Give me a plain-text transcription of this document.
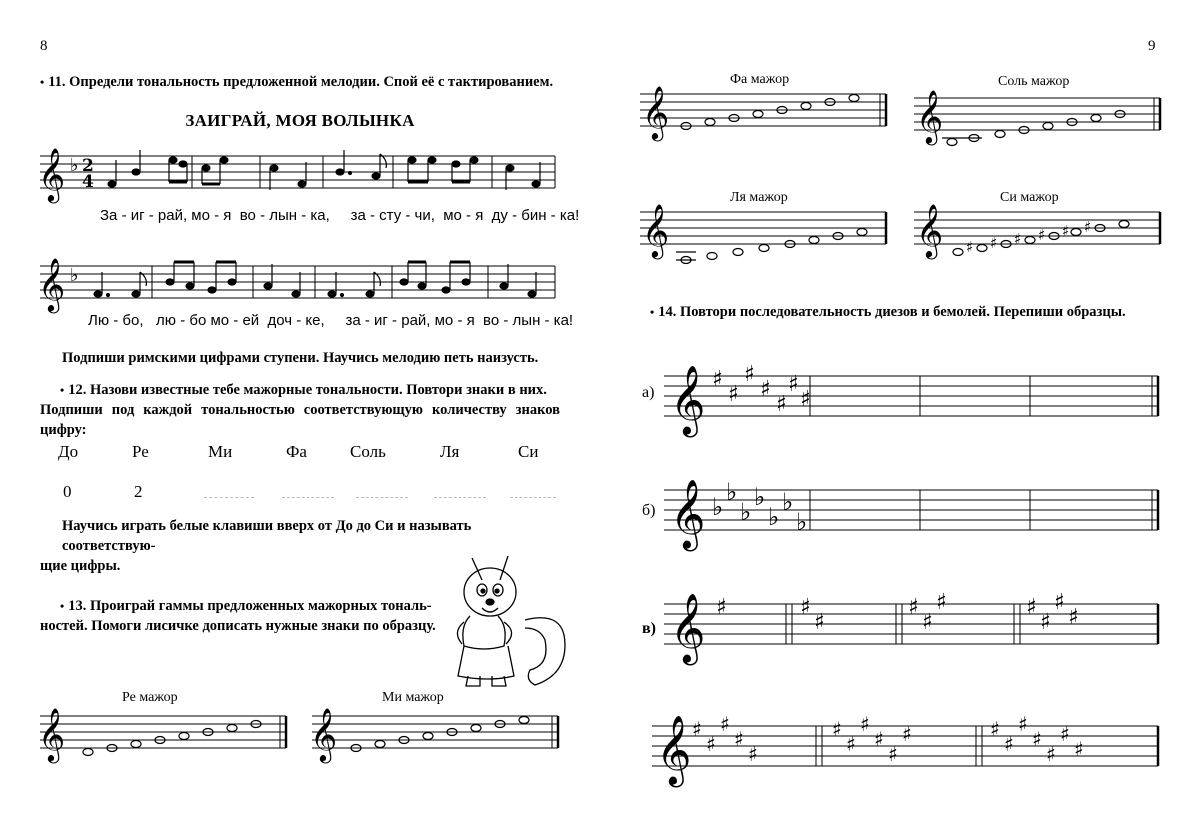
8
• 11. Определи тональность предложенной мелодии. Спой её с тактированием.
ЗАИГРАЙ, МОЯ ВОЛЫНКА
𝄞 ♭ 2
4
За - иг - рай, мо - я  во - лын - ка,     за - сту - чи,  мо - я  ду - бин - ка!
𝄞 ♭
Лю - бо,   лю - бо мо - ей  доч - ке,     за - иг - рай, мо - я  во - лын - ка!
Подпиши римскими цифрами ступени. Научись мелодию петь наизусть.
• 12. Назови известные тебе мажорные тональности. Повтори знаки в них.
Подпиши под каждой тональностью соответствующую количеству знаков
цифру:
До	Ре	Ми	Фа	Соль	Ля	Си
0	2
Научись играть белые клавиши вверх от До до Си и называть соответствую-
щие цифры.
• 13. Проиграй гаммы предложенных мажорных тональ-
ностей. Помоги лисичке дописать нужные знаки по образцу.
Ре мажор
𝄞
Ми мажор
𝄞
9
Фа мажор
𝄞
Соль мажор
𝄞
Ля мажор
𝄞
Си мажор
𝄞 ♯ ♯ ♯ ♯ ♯ ♯
• 14. Повтори последовательность диезов и бемолей. Перепиши образцы.
а) 𝄞 ♯
♯
♯
♯
♯
♯
♯
б) 𝄞 ♭
♭
♭
♭
♭
♭
♭
в) 𝄞 ♯	♯
♯
♯
♯
♯	♯
♯
♯
♯
𝄞 ♯
♯
♯
♯
♯
♯
♯
♯
♯
♯
♯	♯
♯
♯
♯
♯
♯
♯
